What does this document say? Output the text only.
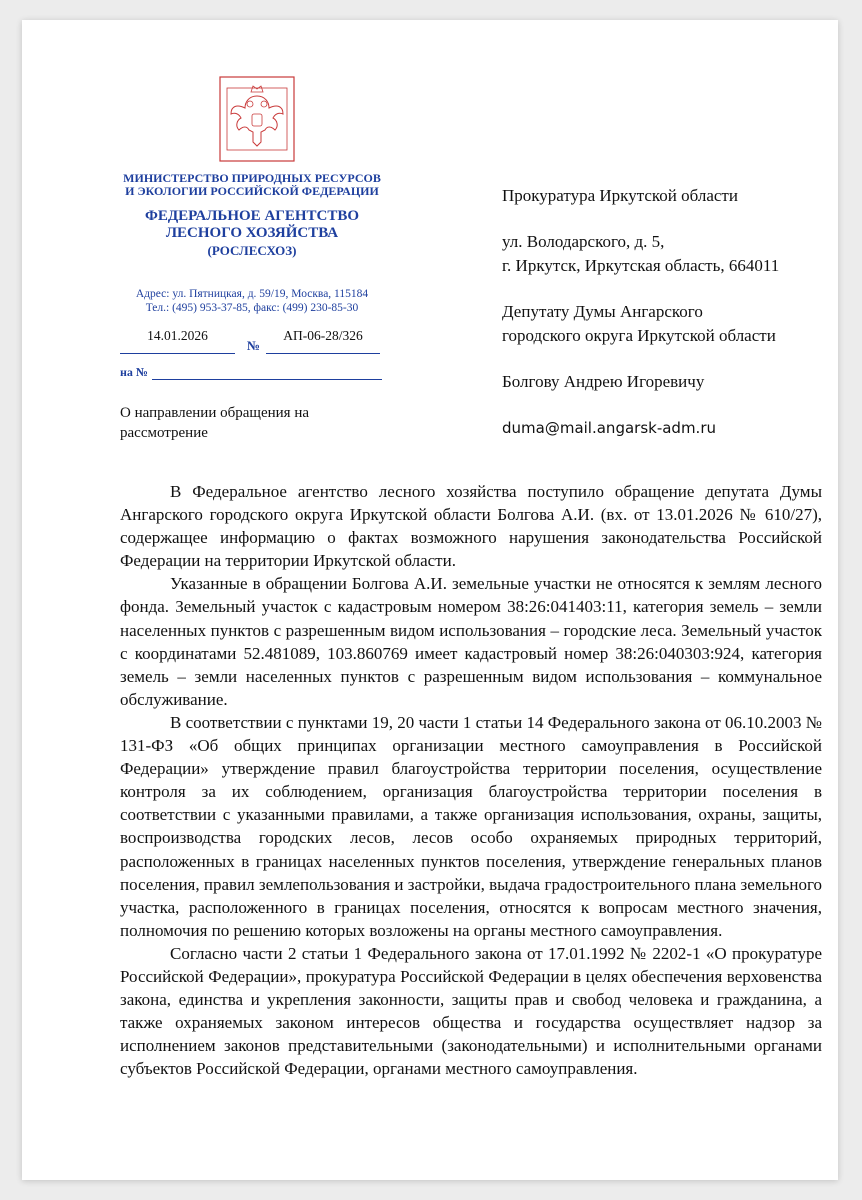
МИНИСТЕРСТВО ПРИРОДНЫХ РЕСУРСОВ
И ЭКОЛОГИИ РОССИЙСКОЙ ФЕДЕРАЦИИ
ФЕДЕРАЛЬНОЕ АГЕНТСТВО
ЛЕСНОГО ХОЗЯЙСТВА
(РОСЛЕСХОЗ)
Адрес: ул. Пятницкая, д. 59/19, Москва, 115184
Тел.: (495) 953-37-85, факс: (499) 230-85-30
14.01.2026
№
АП-06-28/326
на №
О направлении обращения на
рассмотрение
Прокуратура Иркутской области
ул. Володарского, д. 5,
г. Иркутск, Иркутская область, 664011
Депутату Думы Ангарского
городского округа Иркутской области
Болгову Андрею Игоревичу
duma@mail.angarsk-adm.ru

В Федеральное агентство лесного хозяйства поступило обращение депутата Думы Ангарского городского округа Иркутской области Болгова А.И. (вх. от 13.01.2026 № 610/27), содержащее информацию о фактах возможного нарушения законодательства Российской Федерации на территории Иркутской области.

Указанные в обращении Болгова А.И. земельные участки не относятся к землям лесного фонда. Земельный участок с кадастровым номером 38:26:041403:11, категория земель – земли населенных пунктов с разрешенным видом использования – городские леса. Земельный участок с координатами 52.481089, 103.860769 имеет кадастровый номер 38:26:040303:924, категория земель – земли населенных пунктов с разрешенным видом использования – коммунальное обслуживание.

В соответствии с пунктами 19, 20 части 1 статьи 14 Федерального закона от 06.10.2003 № 131-ФЗ «Об общих принципах организации местного самоуправления в Российской Федерации» утверждение правил благоустройства территории поселения, осуществление контроля за их соблюдением, организация благоустройства территории поселения в соответствии с указанными правилами, а также организация использования, охраны, защиты, воспроизводства городских лесов, лесов особо охраняемых природных территорий, расположенных в границах населенных пунктов поселения, утверждение генеральных планов поселения, правил землепользования и застройки, выдача градостроительного плана земельного участка, расположенного в границах поселения, относятся к вопросам местного значения, полномочия по решению которых возложены на органы местного самоуправления.

Согласно части 2 статьи 1 Федерального закона от 17.01.1992 № 2202-1 «О прокуратуре Российской Федерации», прокуратура Российской Федерации в целях обеспечения верховенства закона, единства и укрепления законности, защиты прав и свобод человека и гражданина, а также охраняемых законом интересов общества и государства осуществляет надзор за исполнением законов представительными (законодательными) и исполнительными органами субъектов Российской Федерации, органами местного самоуправления.
